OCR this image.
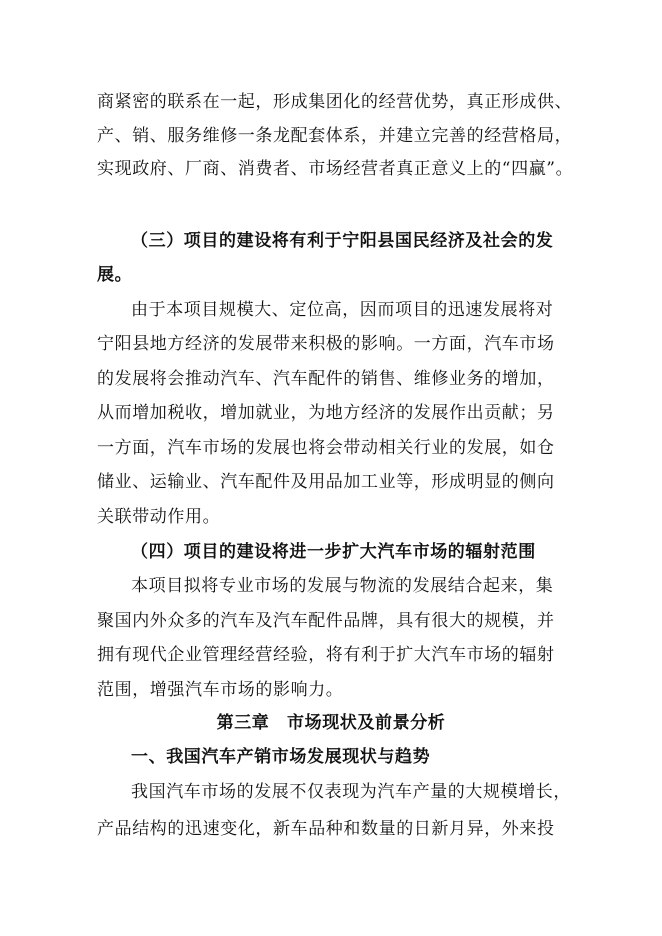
商紧密的联系在一起，形成集团化的经营优势，真正形成供、
产、销、服务维修一条龙配套体系，并建立完善的经营格局，
实现政府、厂商、消费者、市场经营者真正意义上的“四赢”。
（三）项目的建设将有利于宁阳县国民经济及社会的发
展。
由于本项目规模大、定位高，因而项目的迅速发展将对
宁阳县地方经济的发展带来积极的影响。一方面，汽车市场
的发展将会推动汽车、汽车配件的销售、维修业务的增加，
从而增加税收，增加就业，为地方经济的发展作出贡献；另
一方面，汽车市场的发展也将会带动相关行业的发展，如仓
储业、运输业、汽车配件及用品加工业等，形成明显的侧向
关联带动作用。
（四）项目的建设将进一步扩大汽车市场的辐射范围
本项目拟将专业市场的发展与物流的发展结合起来，集
聚国内外众多的汽车及汽车配件品牌，具有很大的规模，并
拥有现代企业管理经营经验，将有利于扩大汽车市场的辐射
范围，增强汽车市场的影响力。
第三章　市场现状及前景分析
一、我国汽车产销市场发展现状与趋势
我国汽车市场的发展不仅表现为汽车产量的大规模增长，
产品结构的迅速变化，新车品种和数量的日新月异，外来投
